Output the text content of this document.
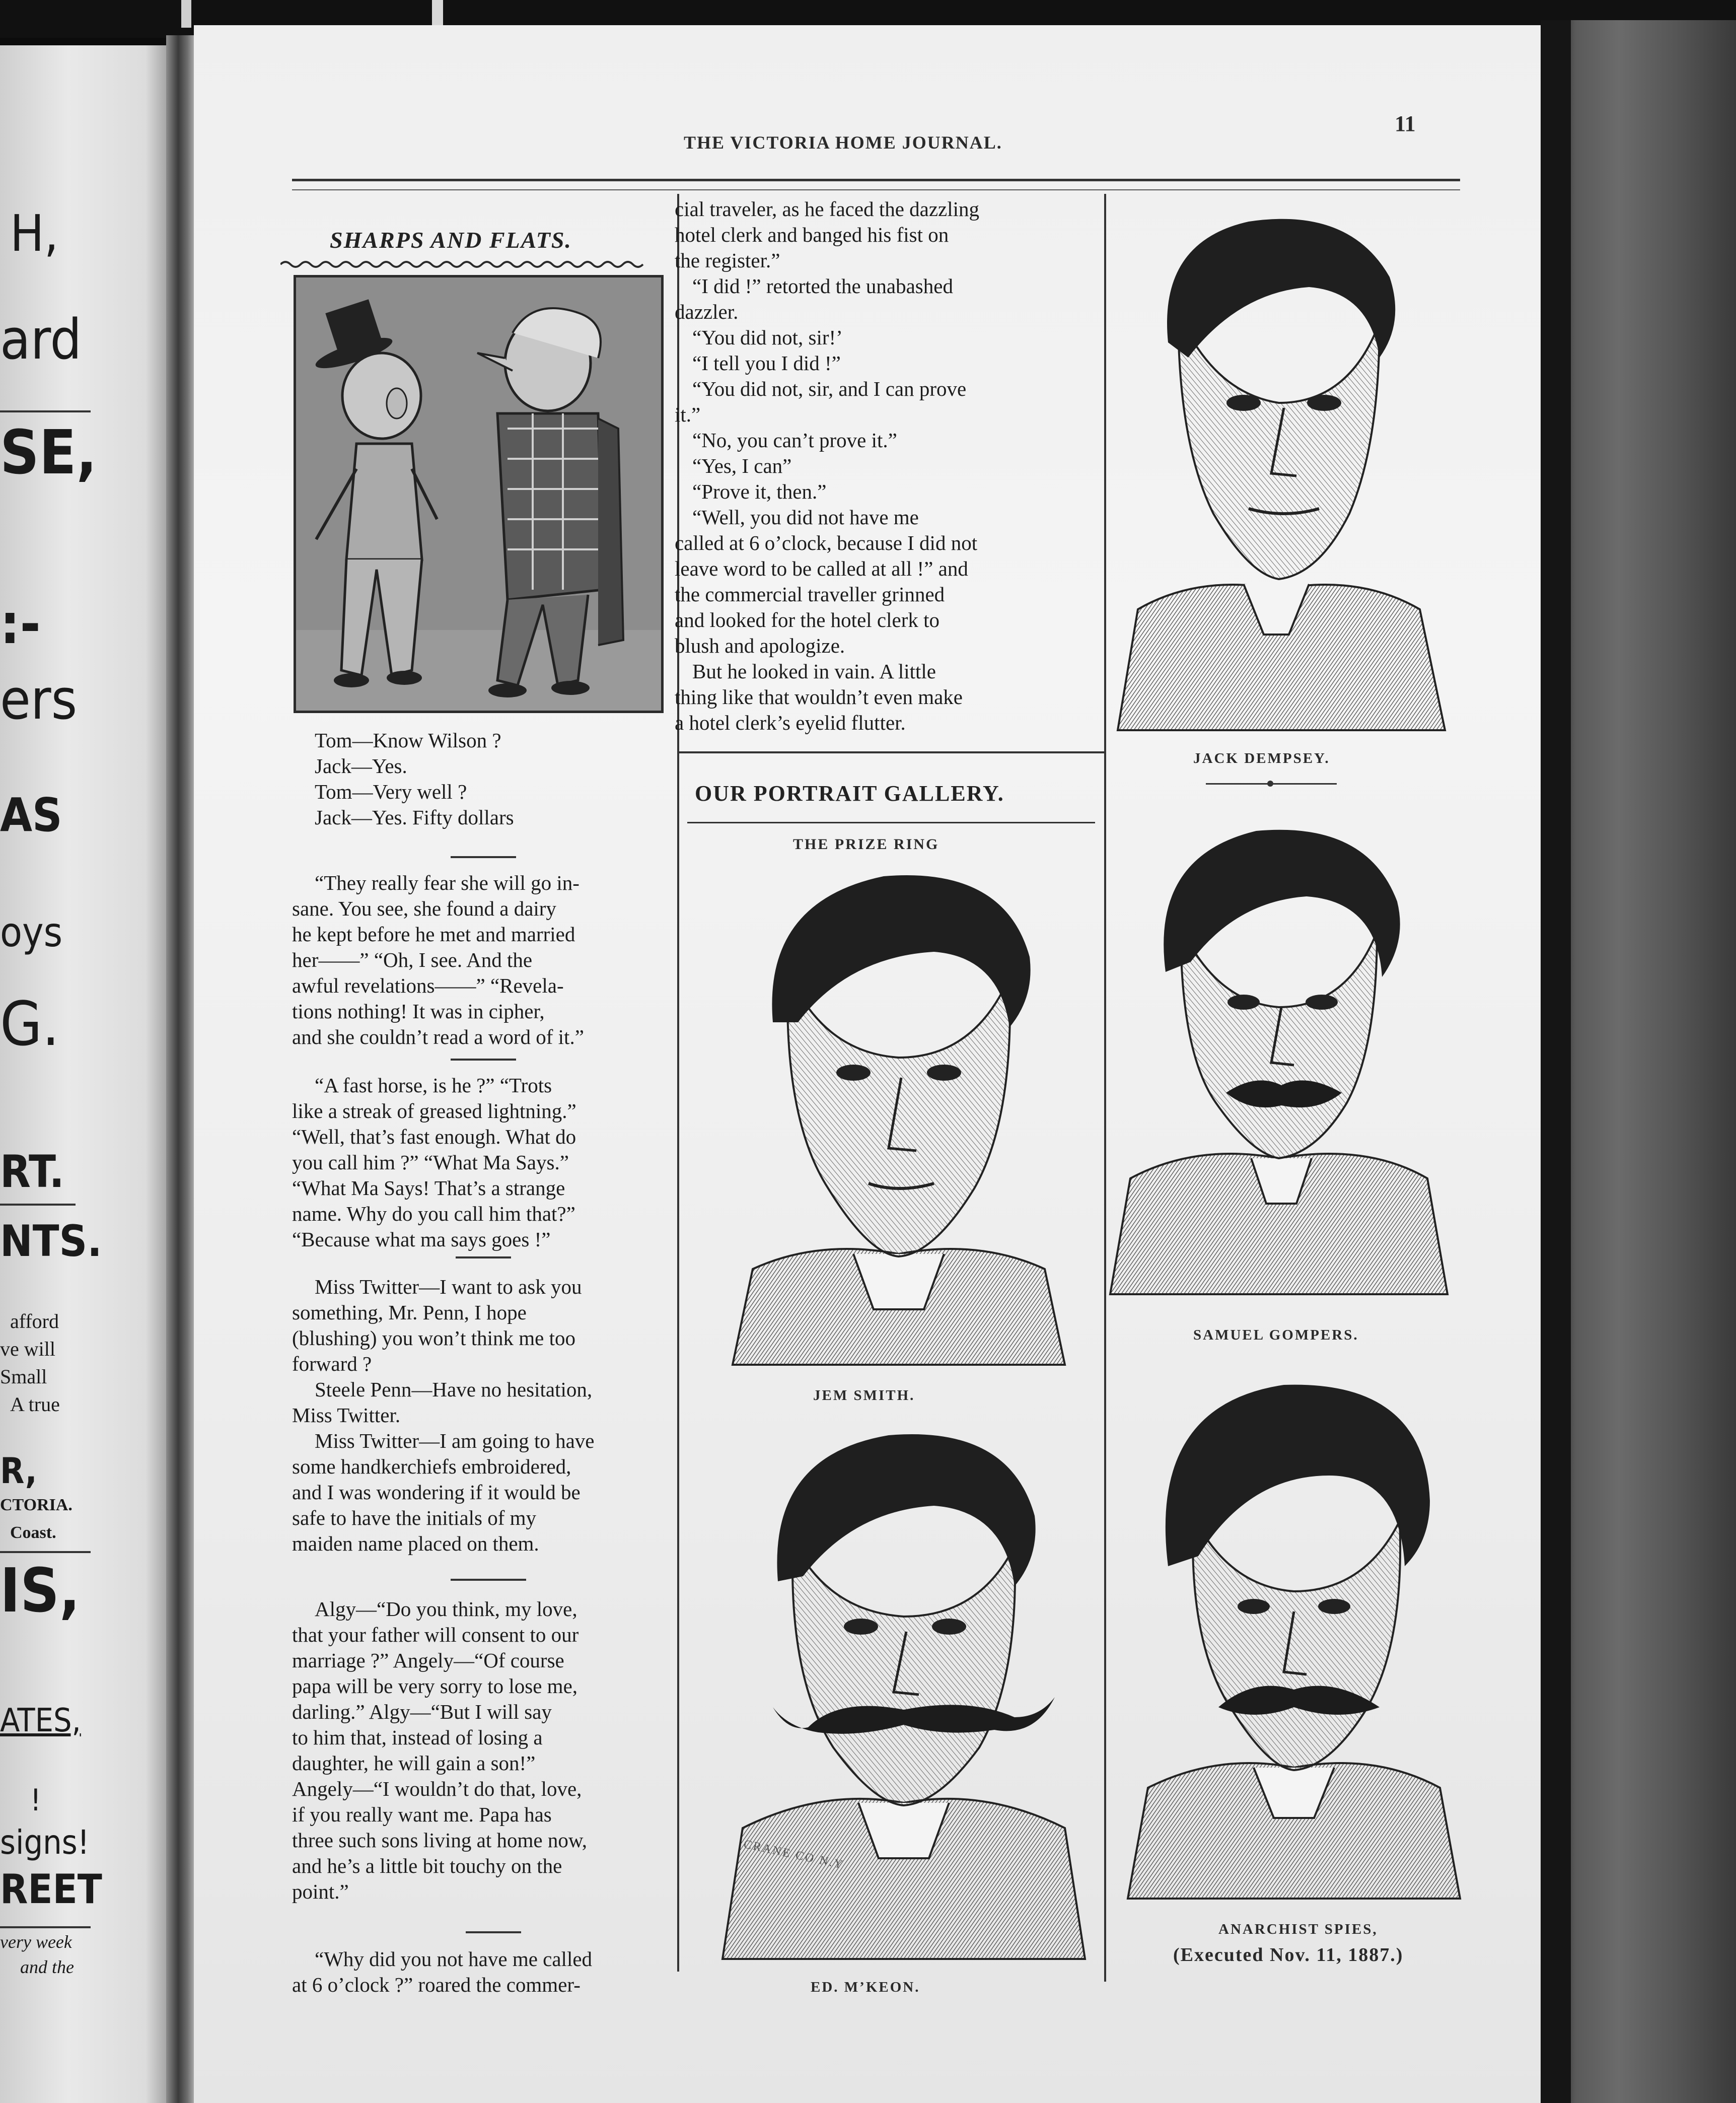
H,
ard
SE,
:-
ers
AS
oys
G.
RT.
NTS.
afford
ve will
Small
A true
R,
CTORIA.
Coast.
IS,
ATES,
!
signs!
REET
very week
and the
THE VICTORIA HOME JOURNAL.
11
SHARPS AND FLATS.
Tom—Know Wilson ?
Jack—Yes.
Tom—Very well ?
Jack—Yes. Fifty dollars
“They really fear she will go in-
sane. You see, she found a dairy
he kept before he met and married
her——” “Oh, I see. And the
awful revelations——” “Revela-
tions nothing! It was in cipher,
and she couldn’t read a word of it.”
“A fast horse, is he ?” “Trots
like a streak of greased lightning.”
“Well, that’s fast enough. What do
you call him ?” “What Ma Says.”
“What Ma Says! That’s a strange
name. Why do you call him that?”
“Because what ma says goes !”
Miss Twitter—I want to ask you
something, Mr. Penn, I hope
(blushing) you won’t think me too
forward ?
Steele Penn—Have no hesitation,
Miss Twitter.
Miss Twitter—I am going to have
some handkerchiefs embroidered,
and I was wondering if it would be
safe to have the initials of my
maiden name placed on them.
Algy—“Do you think, my love,
that your father will consent to our
marriage ?” Angely—“Of course
papa will be very sorry to lose me,
darling.” Algy—“But I will say
to him that, instead of losing a
daughter, he will gain a son!”
Angely—“I wouldn’t do that, love,
if you really want me. Papa has
three such sons living at home now,
and he’s a little bit touchy on the
point.”
“Why did you not have me called
at 6 o’clock ?” roared the commer-
cial traveler, as he faced the dazzling
hotel clerk and banged his fist on
the register.”
“I did !” retorted the unabashed
dazzler.
“You did not, sir!’
“I tell you I did !”
“You did not, sir, and I can prove
it.”
“No, you can’t prove it.”
“Yes, I can”
“Prove it, then.”
“Well, you did not have me
called at 6 o’clock, because I did not
leave word to be called at all !” and
the commercial traveller grinned
and looked for the hotel clerk to
blush and apologize.
But he looked in vain. A little
thing like that wouldn’t even make
a hotel clerk’s eyelid flutter.
OUR PORTRAIT GALLERY.
THE PRIZE RING
JACK DEMPSEY.
SAMUEL GOMPERS.
JEM SMITH.
ED. M’KEON.
ANARCHIST SPIES,
(Executed Nov. 11, 1887.)
CRANE CO N.Y
